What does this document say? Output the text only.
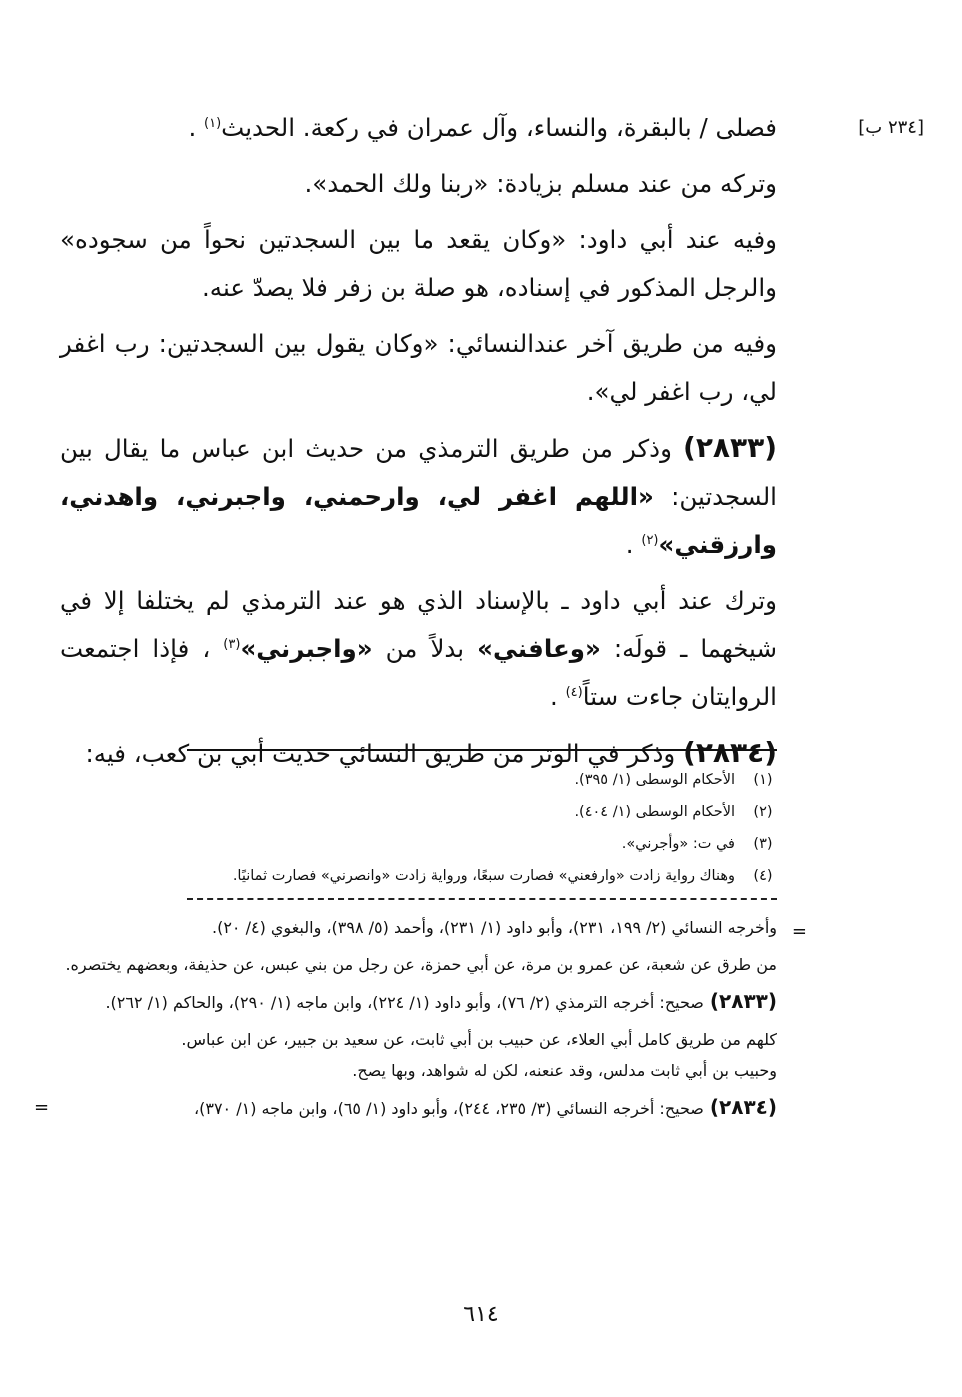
[٢٣٤ ب]

فصلى / بالبقرة، والنساء، وآل عمران في ركعة. الحديث$^{(١)}$ .

وتركه من عند مسلم بزيادة: «ربنا ولك الحمد».

وفيه عند أبي داود: «وكان يقعد ما بين السجدتين نحواً من سجوده» والرجل المذكور في إسناده، هو صلة بن زفر فلا يصدّ عنه.

وفيه من طريق آخر عندالنسائي: «وكان يقول بين السجدتين: رب اغفر لي، رب اغفر لي».

(٢٨٣٣) وذكر من طريق الترمذي من حديث ابن عباس ما يقال بين السجدتين: «اللهم اغفر لي، وارحمني، واجبرني، واهدني، وارزقني»$^{(٢)}$ .

وترك عند أبي داود ـ بالإسناد الذي هو عند الترمذي لم يختلفا إلا في شيخهما ـ قولَه: «وعافني» بدلاً من «واجبرني»$^{(٣)}$ ، فإذا اجتمعت الروايتان جاءت ستاً$^{(٤)}$ .

(٢٨٣٤) وذكر في الوتر من طريق النسائي حديث أبي بن كعب، فيه:

(١)
الأحكام الوسطى (١/ ٣٩٥).
(٢)
الأحكام الوسطى (١/ ٤٠٤).
(٣)
في ت: «وأجرني».
(٤)
وهناك رواية زادت «وارفعني» فصارت سبعًا، ورواية زادت «وانصرني» فصارت ثمانيًا.
=
وأخرجه النسائي (٢/ ١٩٩، ٢٣١)، وأبو داود (١/ ٢٣١)، وأحمد (٥/ ٣٩٨)، والبغوي (٤/ ٢٠).
من طرق عن شعبة، عن عمرو بن مرة، عن أبي حمزة، عن رجل من بني عبس، عن حذيفة، وبعضهم يختصره.
(٢٨٣٣)صحيح: أخرجه الترمذي (٢/ ٧٦)، وأبو داود (١/ ٢٢٤)، وابن ماجه (١/ ٢٩٠)، والحاكم (١/ ٢٦٢).
كلهم من طريق كامل أبي العلاء، عن حبيب بن أبي ثابت، عن سعيد بن جبير، عن ابن عباس.
وحبيب بن أبي ثابت مدلس، وقد عنعنه، لكن له شواهد، وبها يصح.
(٢٨٣٤)صحيح: أخرجه النسائي (٣/ ٢٣٥، ٢٤٤)، وأبو داود (١/ ٦٥)، وابن ماجه (١/ ٣٧٠)،
=
٦١٤
